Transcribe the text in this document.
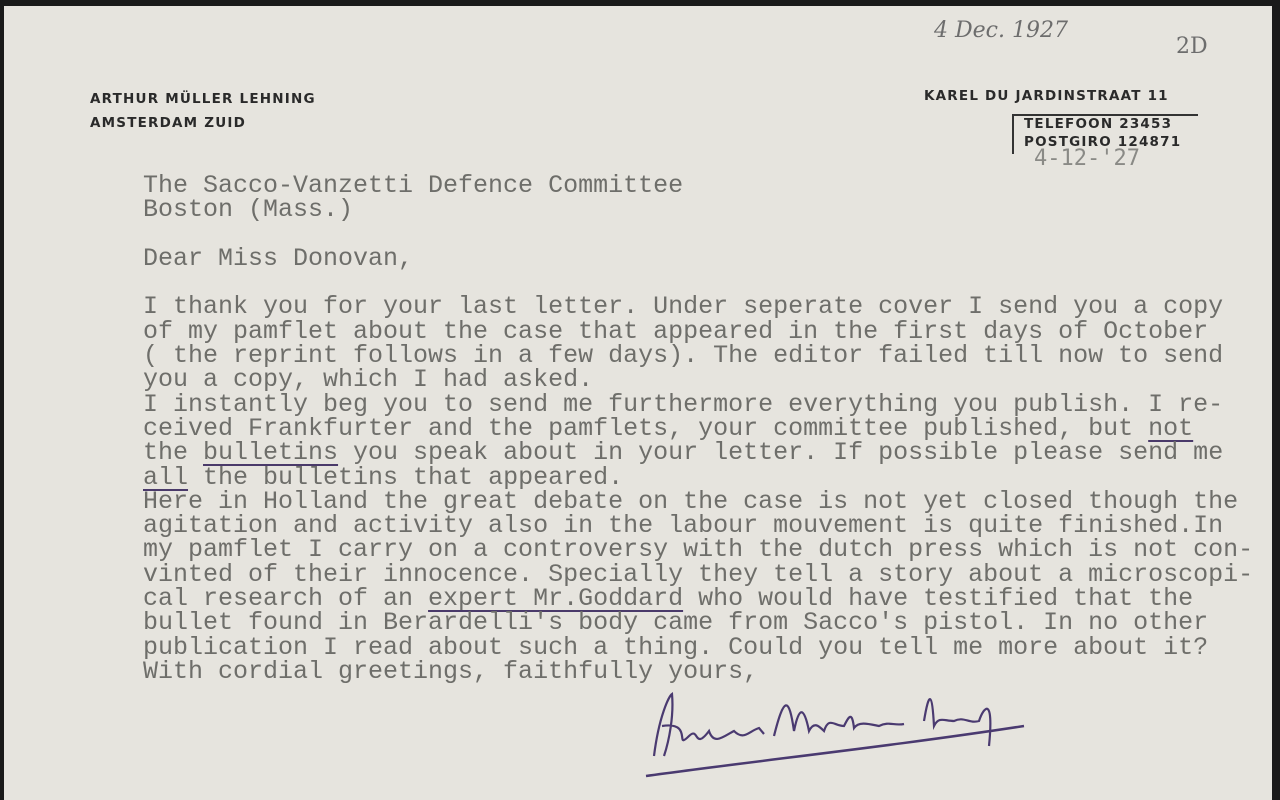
ARTHUR MÜLLER LEHNING
AMSTERDAM ZUID
KAREL DU JARDINSTRAAT 11
TELEFOON 23453
POSTGIRO 124871
4 Dec. 1927
2D
4-12-'27
The Sacco-Vanzetti Defence Committee
Boston (Mass.)

Dear Miss Donovan,

I thank you for your last letter. Under seperate cover I send you a copy
of my pamflet about the case that appeared in the first days of October
( the reprint follows in a few days). The editor failed till now to send
you a copy, which I had asked.
I instantly beg you to send me furthermore everything you publish. I re-
ceived Frankfurter and the pamflets, your committee published, but not
the bulletins you speak about in your letter. If possible please send me
all the bulletins that appeared.
Here in Holland the great debate on the case is not yet closed though the
agitation and activity also in the labour mouvement is quite finished.In
my pamflet I carry on a controversy with the dutch press which is not con-
vinted of their innocence. Specially they tell a story about a microscopi-
cal research of an expert Mr.Goddard who would have testified that the
bullet found in Berardelli's body came from Sacco's pistol. In no other
publication I read about such a thing. Could you tell me more about it?
With cordial greetings, faithfully yours,
